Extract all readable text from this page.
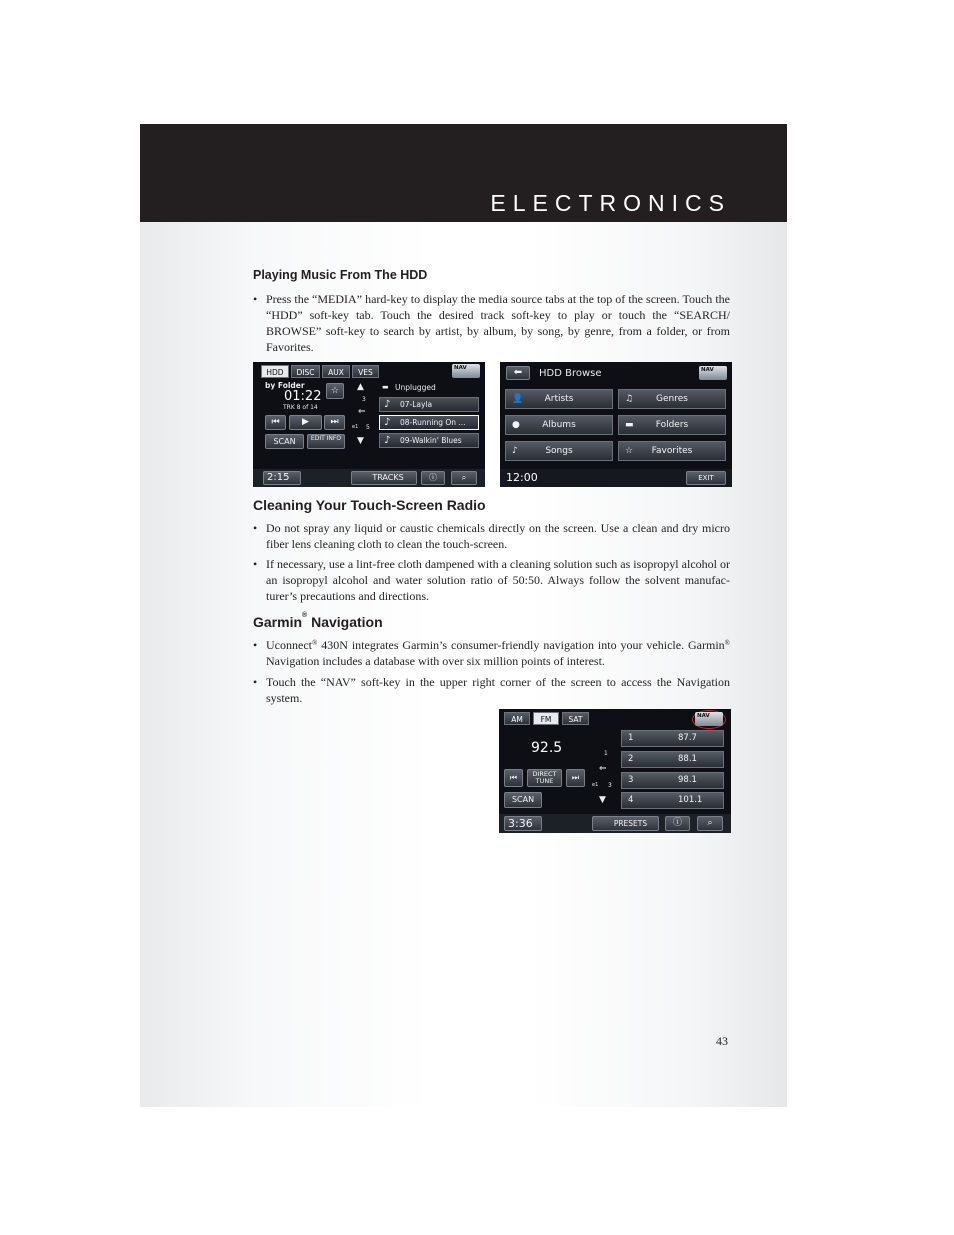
ELECTRONICS
Playing Music From The HDD
• Press the “MEDIA” hard-key to display the media source tabs at the top of the screen. Touch the “HDD” soft-key tab. Touch the desired track soft-key to play or touch the “SEARCH/ BROWSE” soft-key to search by artist, by album, by song, by genre, from a folder, or from Favorites.
HDD	DISC	AUX	VES	NAV
by Folder
01:22
TRK 8 of 14
☆
⏮	▶	⏭
SCAN	EDIT INFO
▲
3
⇐
e1 5
▼
▬ Unplugged
♪ 07-Layla
♪ 08-Running On ...
♪ 09-Walkin' Blues
2:15	TRACKS	ⓘ	⌕
⬅	HDD Browse	NAV
👤 Artists	♫	Genres
● Albums	▬ Folders
♪	Songs	☆ Favorites
12:00	EXIT
Cleaning Your Touch-Screen Radio
• Do not spray any liquid or caustic chemicals directly on the screen. Use a clean and dry micro fiber lens cleaning cloth to clean the touch-screen.
• If necessary, use a lint-free cloth dampened with a cleaning solution such as isopropyl alcohol or an isopropyl alcohol and water solution ratio of 50:50. Always follow the solvent manufac-turer’s precautions and directions.
Garmin® Navigation
• Uconnect® 430N integrates Garmin’s consumer-friendly navigation into your vehicle. Garmin® Navigation includes a database with over six million points of interest.
• Touch the “NAV” soft-key in the upper right corner of the screen to access the Navigation system.
AM	FM	SAT	NAV
92.5
⏮	DIRECT TUNE	⏭
SCAN
1
⇐
e1 3
▼
1	87.7
2	88.1
3	98.1
4	101.1
3:36	PRESETS	ⓘ	⌕
43
